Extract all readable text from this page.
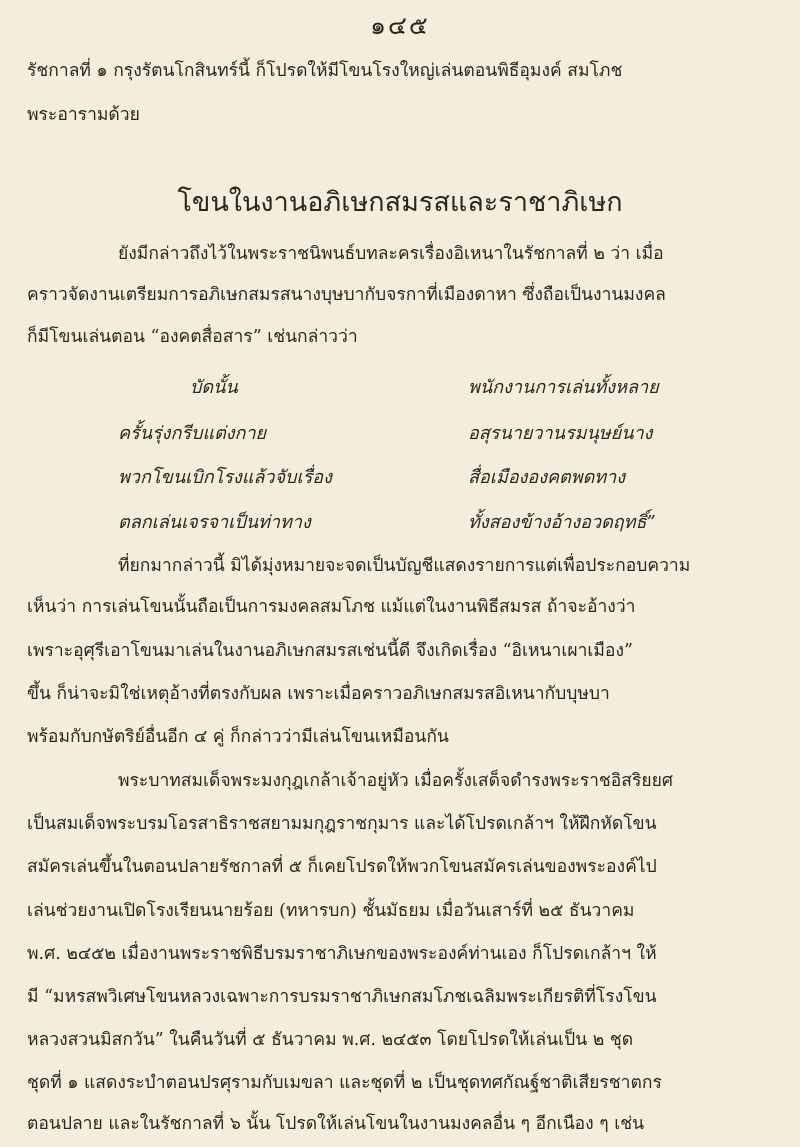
๑๔๕
รัชกาลที่ ๑ กรุงรัตนโกสินทร์นี้ ก็โปรดให้มีโขนโรงใหญ่เล่นตอนพิธีอุมงค์ สมโภช
พระอารามด้วย
โขนในงานอภิเษกสมรสและราชาภิเษก
ยังมีกล่าวถึงไว้ในพระราชนิพนธ์บทละครเรื่องอิเหนาในรัชกาลที่ ๒ ว่า เมื่อ
คราวจัดงานเตรียมการอภิเษกสมรสนางบุษบากับจรกาที่เมืองดาหา ซึ่งถือเป็นงานมงคล
ก็มีโขนเล่นตอน “องคตสื่อสาร” เช่นกล่าวว่า
บัดนั้น	พนักงานการเล่นทั้งหลาย
ครั้นรุ่งกรีบแต่งกาย	อสุรนายวานรมนุษย์นาง
พวกโขนเบิกโรงแล้วจับเรื่อง	สื่อเมืององคตพดทาง
ตลกเล่นเจรจาเป็นท่าทาง	ทั้งสองข้างอ้างอวดฤทธิ์”
ที่ยกมากล่าวนี้ มิได้มุ่งหมายจะจดเป็นบัญชีแสดงรายการแต่เพื่อประกอบความ
เห็นว่า การเล่นโขนนั้นถือเป็นการมงคลสมโภช แม้แต่ในงานพิธีสมรส ถ้าจะอ้างว่า
เพราะอุศุรีเอาโขนมาเล่นในงานอภิเษกสมรสเช่นนี้ดี จึงเกิดเรื่อง “อิเหนาเผาเมือง”
ขึ้น ก็น่าจะมิใช่เหตุอ้างที่ตรงกับผล เพราะเมื่อคราวอภิเษกสมรสอิเหนากับบุษบา
พร้อมกับกษัตริย์อื่นอีก ๔ คู่ ก็กล่าวว่ามีเล่นโขนเหมือนกัน
พระบาทสมเด็จพระมงกุฎเกล้าเจ้าอยู่หัว เมื่อครั้งเสด็จดำรงพระราชอิสริยยศ
เป็นสมเด็จพระบรมโอรสาธิราชสยามมกุฎราชกุมาร และได้โปรดเกล้าฯ ให้ฝึกหัดโขน
สมัครเล่นขึ้นในตอนปลายรัชกาลที่ ๕ ก็เคยโปรดให้พวกโขนสมัครเล่นของพระองค์ไป
เล่นช่วยงานเปิดโรงเรียนนายร้อย (ทหารบก) ชั้นมัธยม เมื่อวันเสาร์ที่ ๒๕ ธันวาคม
พ.ศ. ๒๔๕๒ เมื่องานพระราชพิธีบรมราชาภิเษกของพระองค์ท่านเอง ก็โปรดเกล้าฯ ให้
มี “มหรสพวิเศษโขนหลวงเฉพาะการบรมราชาภิเษกสมโภชเฉลิมพระเกียรติที่โรงโขน
หลวงสวนมิสกวัน” ในคืนวันที่ ๕ ธันวาคม พ.ศ. ๒๔๕๓ โดยโปรดให้เล่นเป็น ๒ ชุด
ชุดที่ ๑ แสดงระบำตอนปรศุรามกับเมขลา และชุดที่ ๒ เป็นชุดทศกัณฐ์ชาติเสียรชาตกร
ตอนปลาย และในรัชกาลที่ ๖ นั้น โปรดให้เล่นโขนในงานมงคลอื่น ๆ อีกเนือง ๆ เช่น
